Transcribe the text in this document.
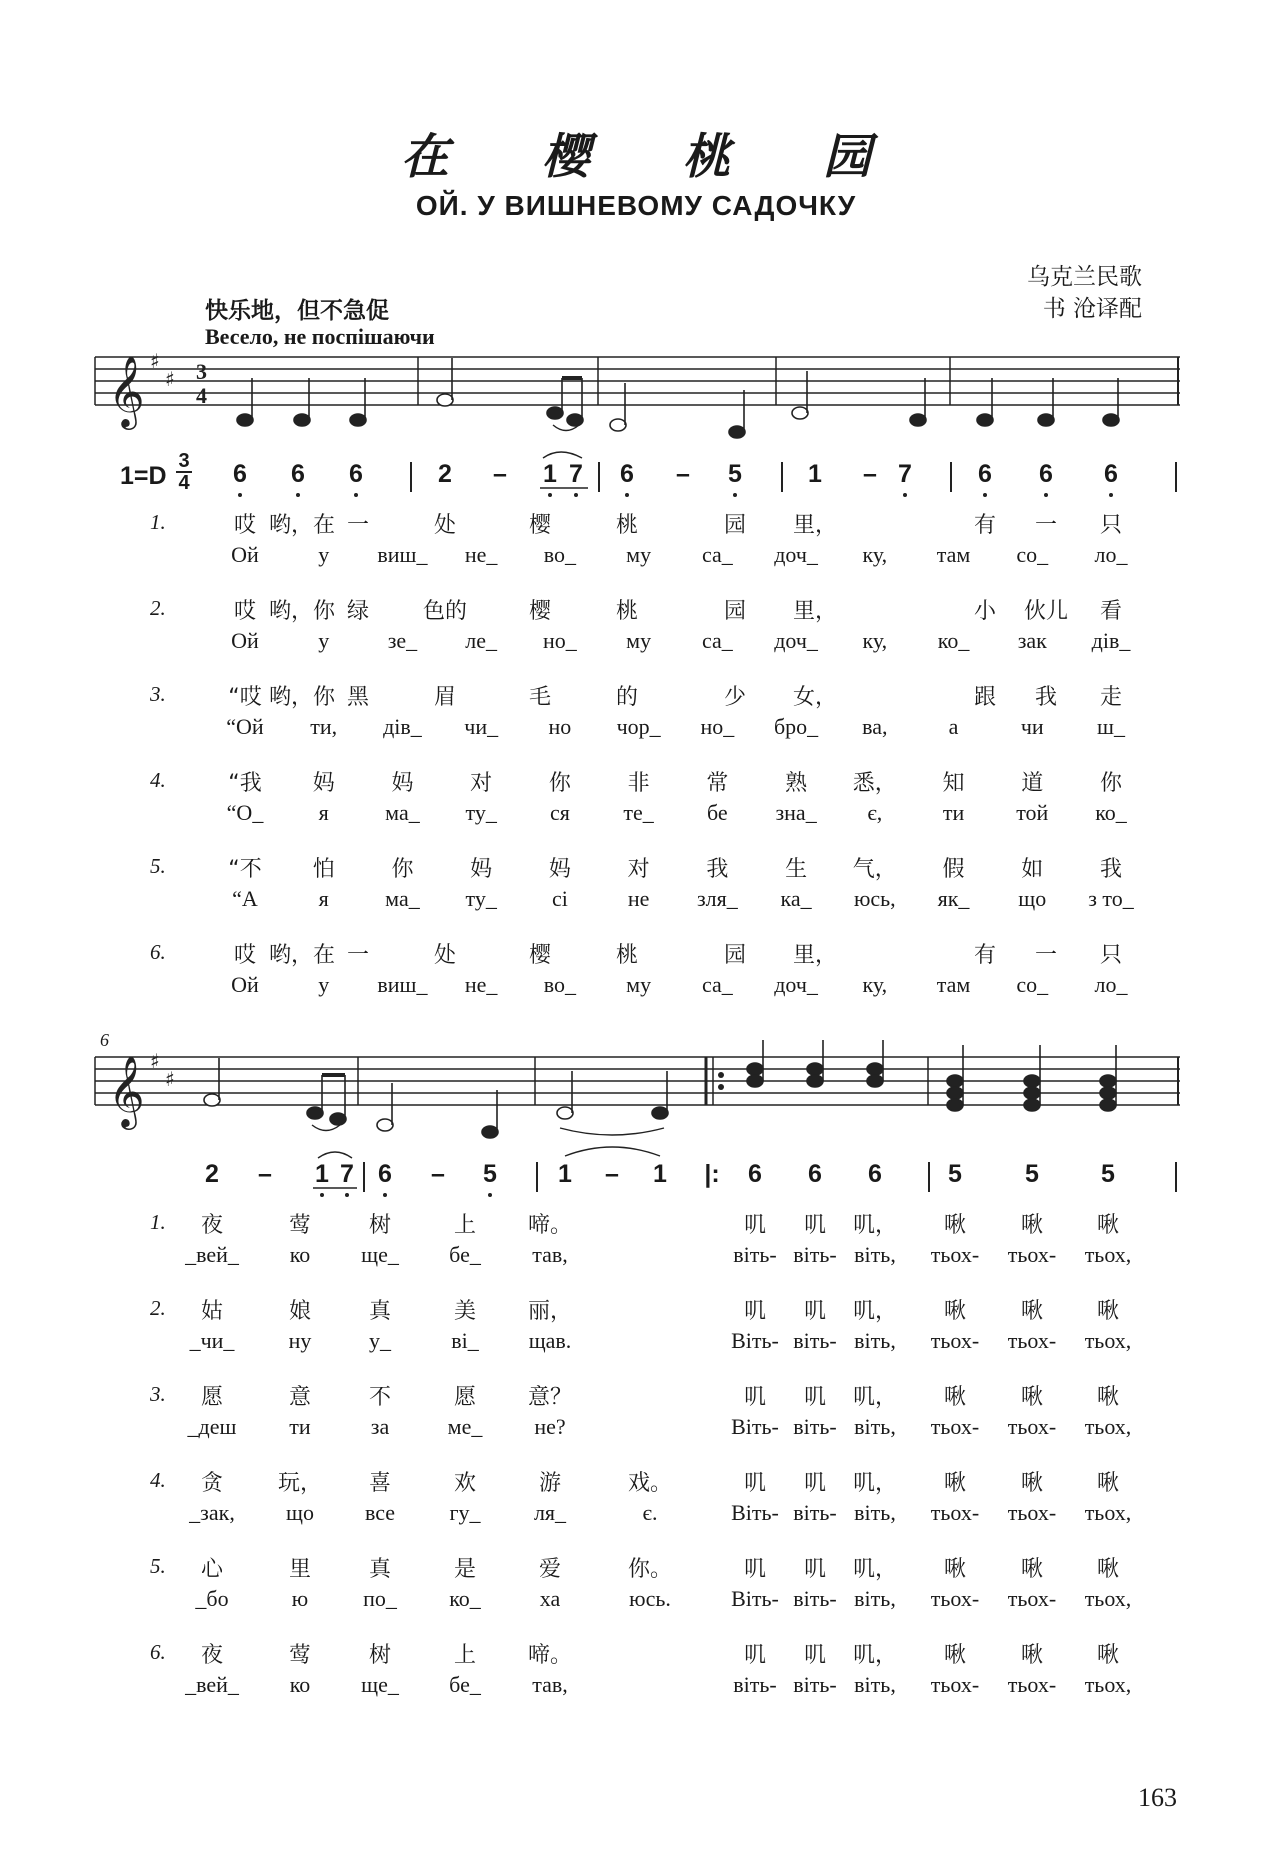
在 樱 桃 园
ОЙ. У ВИШНЕВОМУ САДОЧКУ
乌克兰民歌
书 沧译配
快乐地，但不急促
Весело, не поспішаючи
𝄞 ♯
♯ 3
4
𝄞 ♯
♯
6
1=D
3
4 6 6 6	2 – 1 7 6 – 5	1 – 7	6 6 6
1.	哎 哟，在 一	处	樱	桃	园 里，	有 一 只
Ой	у виш_ не_ во_ му са_ доч_ ку, там со_ ло_
2.	哎 哟，你 绿 色的	樱	桃	园 里，	小 伙儿 看
Ой	у	зе_ ле_ но_ му са_ доч_ ку, ко_ зак дів_
3.	“哎 哟，你 黑	眉	毛	的	少 女，	跟 我 走
“Ой ти, дів_ чи_ но чор_ но_ бро_ ва,	а	чи ш_
4.	“我 妈	妈	对	你	非	常	熟 悉， 知	道	你
“О_	я	ма_ ту_ ся те_ бе зна_ є,	ти той ко_
5.	“不 怕	你	妈	妈	对	我	生 气， 假	如	我
“А	я	ма_ ту_	сі	не зля_ ка_ юсь, як_ що з то_
6.	哎 哟，在 一	处	樱	桃	园 里，	有 一 只
Ой	у виш_ не_ во_ му са_ доч_ ку, там со_ ло_
2 – 1 7 6 – 5 1 – 1 |: 6 6 6	5	5 5
1. 夜	莺	树	上 啼。	叽 叽 叽， 啾 啾 啾
_вей_ ко ще_ бе_ тав,	віть- віть- віть, тьох- тьох- тьох,
2. 姑	娘	真	美 丽，	叽 叽 叽， 啾 啾 啾
_чи_ ну	у_	ві_ щав.	Віть- віть- віть, тьох- тьох- тьох,
3. 愿	意	不	愿 意？	叽 叽 叽， 啾 啾 啾
_деш ти	за	ме_ не?	Віть- віть- віть, тьох- тьох- тьох,
4. 贪 玩， 喜	欢	游	戏。	叽 叽 叽， 啾 啾 啾
_зак, що все гу_ ля_	є.	Віть- віть- віть, тьох- тьох- тьох,
5. 心	里	真	是	爱	你。	叽 叽 叽， 啾 啾 啾
_бо	ю по_ ко_	ха	юсь.	Віть- віть- віть, тьох- тьох- тьох,
6. 夜	莺	树	上 啼。	叽 叽 叽， 啾 啾 啾
_вей_ ко ще_ бе_ тав,	віть- віть- віть, тьох- тьох- тьох,
163
